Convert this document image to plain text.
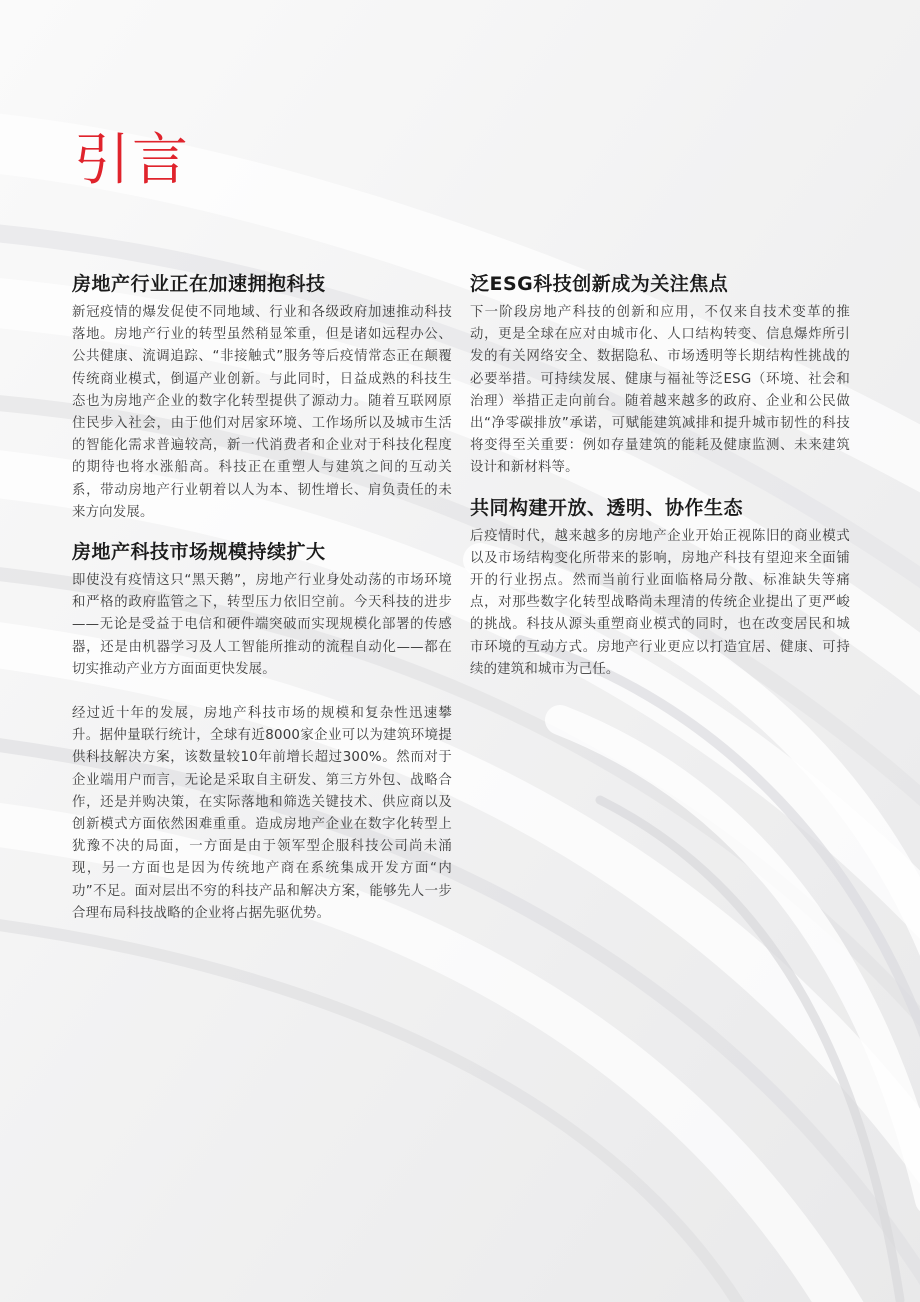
引言
房地产行业正在加速拥抱科技

新冠疫情的爆发促使不同地域、行业和各级政府加速推动科技落地。房地产行业的转型虽然稍显笨重，但是诸如远程办公、公共健康、流调追踪、“非接触式”服务等后疫情常态正在颠覆传统商业模式，倒逼产业创新。与此同时，日益成熟的科技生态也为房地产企业的数字化转型提供了源动力。随着互联网原住民步入社会，由于他们对居家环境、工作场所以及城市生活的智能化需求普遍较高，新一代消费者和企业对于科技化程度的期待也将水涨船高。科技正在重塑人与建筑之间的互动关系，带动房地产行业朝着以人为本、韧性增长、肩负责任的未来方向发展。

房地产科技市场规模持续扩大

即使没有疫情这只“黑天鹅”，房地产行业身处动荡的市场环境和严格的政府监管之下，转型压力依旧空前。今天科技的进步——无论是受益于电信和硬件端突破而实现规模化部署的传感器，还是由机器学习及人工智能所推动的流程自动化——都在切实推动产业方方面面更快发展。

经过近十年的发展，房地产科技市场的规模和复杂性迅速攀升。据仲量联行统计，全球有近8000家企业可以为建筑环境提供科技解决方案，该数量较10年前增长超过300%。然而对于企业端用户而言，无论是采取自主研发、第三方外包、战略合作，还是并购决策，在实际落地和筛选关键技术、供应商以及创新模式方面依然困难重重。造成房地产企业在数字化转型上犹豫不决的局面，一方面是由于领军型企服科技公司尚未涌现，另一方面也是因为传统地产商在系统集成开发方面“内功”不足。面对层出不穷的科技产品和解决方案，能够先人一步合理布局科技战略的企业将占据先驱优势。

泛ESG科技创新成为关注焦点

下一阶段房地产科技的创新和应用，不仅来自技术变革的推动，更是全球在应对由城市化、人口结构转变、信息爆炸所引发的有关网络安全、数据隐私、市场透明等长期结构性挑战的必要举措。可持续发展、健康与福祉等泛ESG（环境、社会和治理）举措正走向前台。随着越来越多的政府、企业和公民做出“净零碳排放”承诺，可赋能建筑减排和提升城市韧性的科技将变得至关重要：例如存量建筑的能耗及健康监测、未来建筑设计和新材料等。

共同构建开放、透明、协作生态

后疫情时代，越来越多的房地产企业开始正视陈旧的商业模式以及市场结构变化所带来的影响，房地产科技有望迎来全面铺开的行业拐点。然而当前行业面临格局分散、标准缺失等痛点，对那些数字化转型战略尚未理清的传统企业提出了更严峻的挑战。科技从源头重塑商业模式的同时，也在改变居民和城市环境的互动方式。房地产行业更应以打造宜居、健康、可持续的建筑和城市为己任。
